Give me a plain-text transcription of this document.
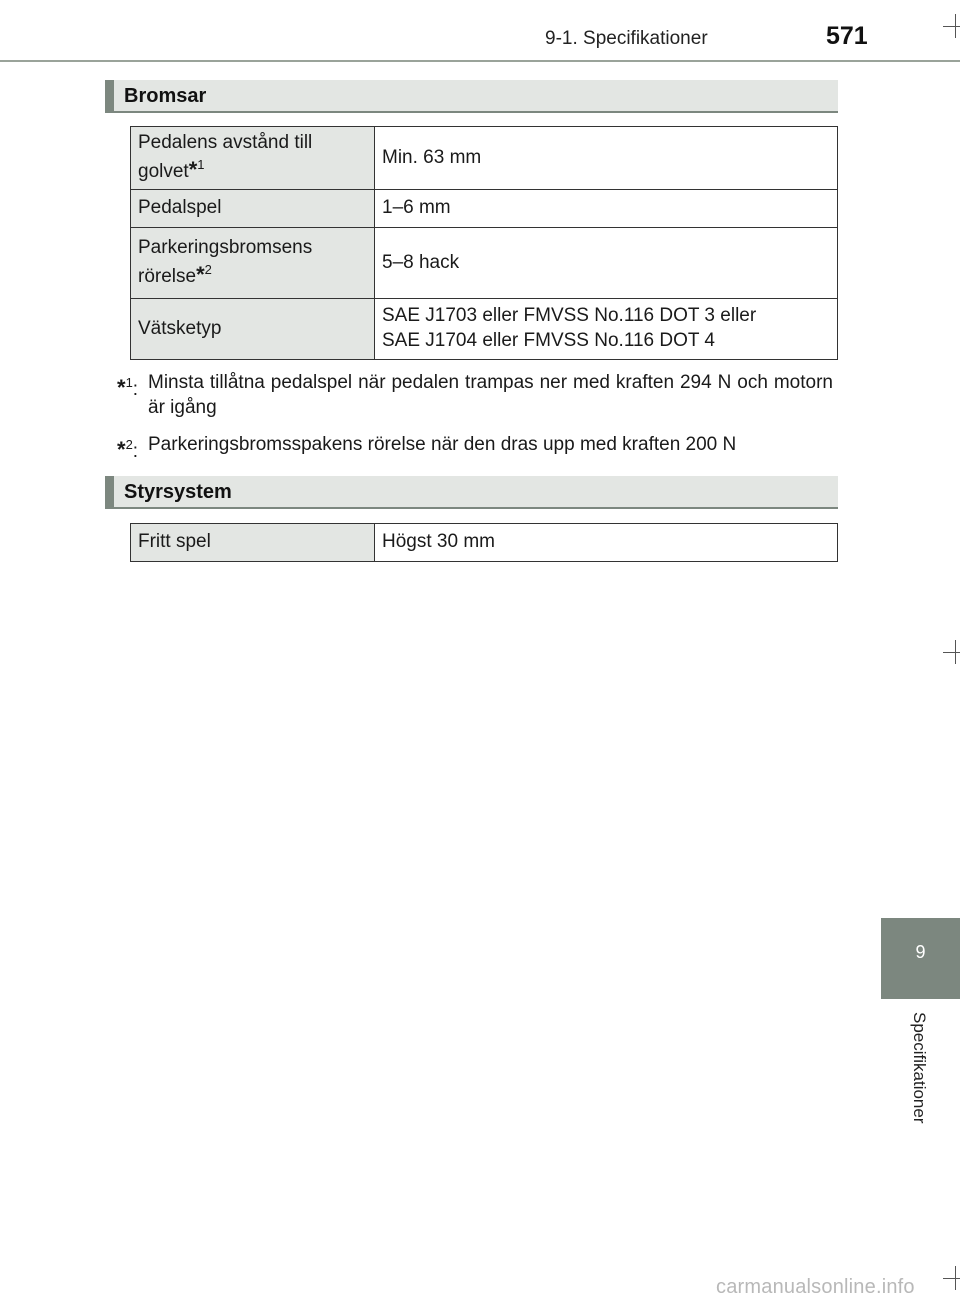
9-1. Specifikationer	571
Bromsar
Pedalens avstånd till
golvet*$^1$	Min. 63 mm
Pedalspel	1–6 mm
Parkeringsbromsens
rörelse*$^2$	5–8 hack
Vätsketyp	SAE J1703 eller FMVSS No.116 DOT 3 eller
SAE J1704 eller FMVSS No.116 DOT 4
*$^1$: Minsta tillåtna pedalspel när pedalen trampas ner med kraften 294 N och motorn är igång
*$^2$: Parkeringsbromsspakens rörelse när den dras upp med kraften 200 N
Styrsystem
Fritt spel	Högst 30 mm
9
Specifikationer
carmanualsonline.info
